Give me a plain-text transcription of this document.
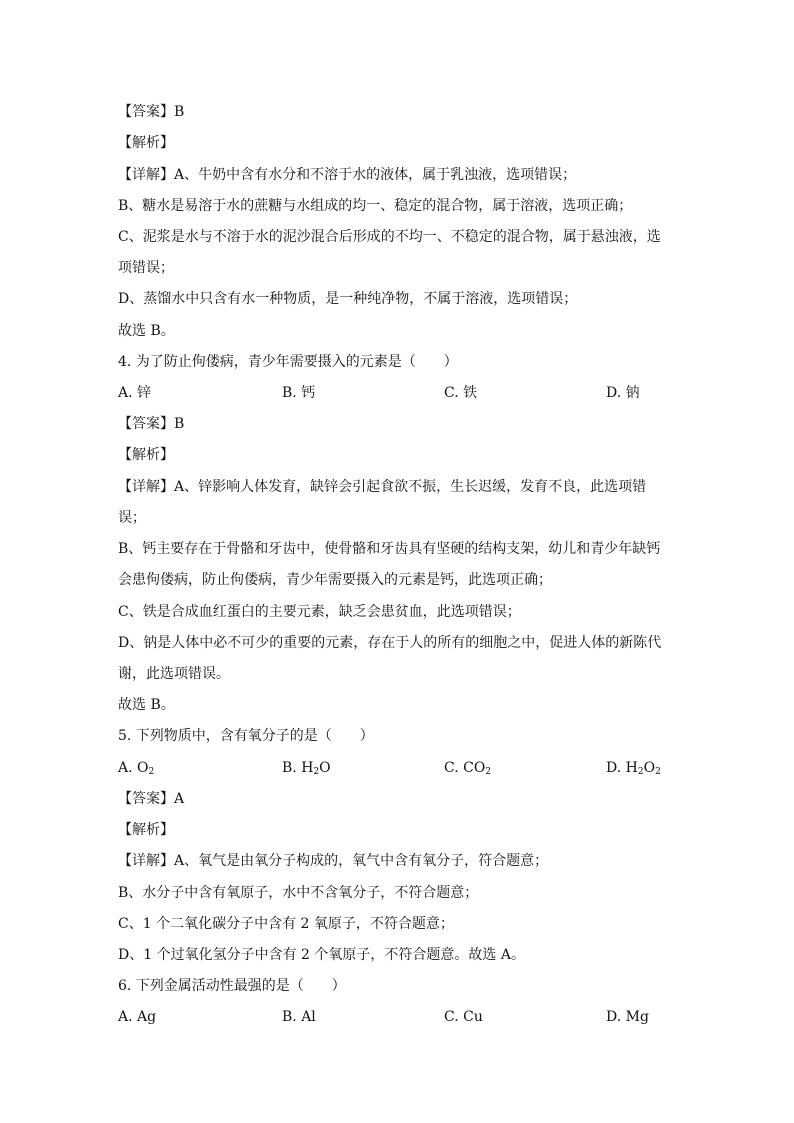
【答案】B
【解析】
【详解】A、牛奶中含有水分和不溶于水的液体，属于乳浊液，选项错误；
B、糖水是易溶于水的蔗糖与水组成的均一、稳定的混合物，属于溶液，选项正确；
C、泥浆是水与不溶于水的泥沙混合后形成的不均一、不稳定的混合物，属于悬浊液，选
项错误；
D、蒸馏水中只含有水一种物质，是一种纯净物，不属于溶液，选项错误；
故选 B。
4. 为了防止佝偻病，青少年需要摄入的元素是（　　）
A. 锌	B. 钙	C. 铁	D. 钠
【答案】B
【解析】
【详解】A、锌影响人体发育，缺锌会引起食欲不振，生长迟缓，发育不良，此选项错
误；
B、钙主要存在于骨骼和牙齿中，使骨骼和牙齿具有坚硬的结构支架，幼儿和青少年缺钙
会患佝偻病，防止佝偻病，青少年需要摄入的元素是钙，此选项正确；
C、铁是合成血红蛋白的主要元素，缺乏会患贫血，此选项错误；
D、钠是人体中必不可少的重要的元素，存在于人的所有的细胞之中，促进人体的新陈代
谢，此选项错误。
故选 B。
5. 下列物质中，含有氧分子的是（　　）
A. $O_2$	B. $H_2O$	C. $CO_2$	D. $H_2O_2$
【答案】A
【解析】
【详解】A、氧气是由氧分子构成的，氧气中含有氧分子，符合题意；
B、水分子中含有氧原子，水中不含氧分子，不符合题意；
C、1 个二氧化碳分子中含有 2 氧原子，不符合题意；
D、1 个过氧化氢分子中含有 2 个氧原子，不符合题意。故选 A。
6. 下列金属活动性最强的是（　　）
A. Ag	B. Al	C. Cu	D. Mg
